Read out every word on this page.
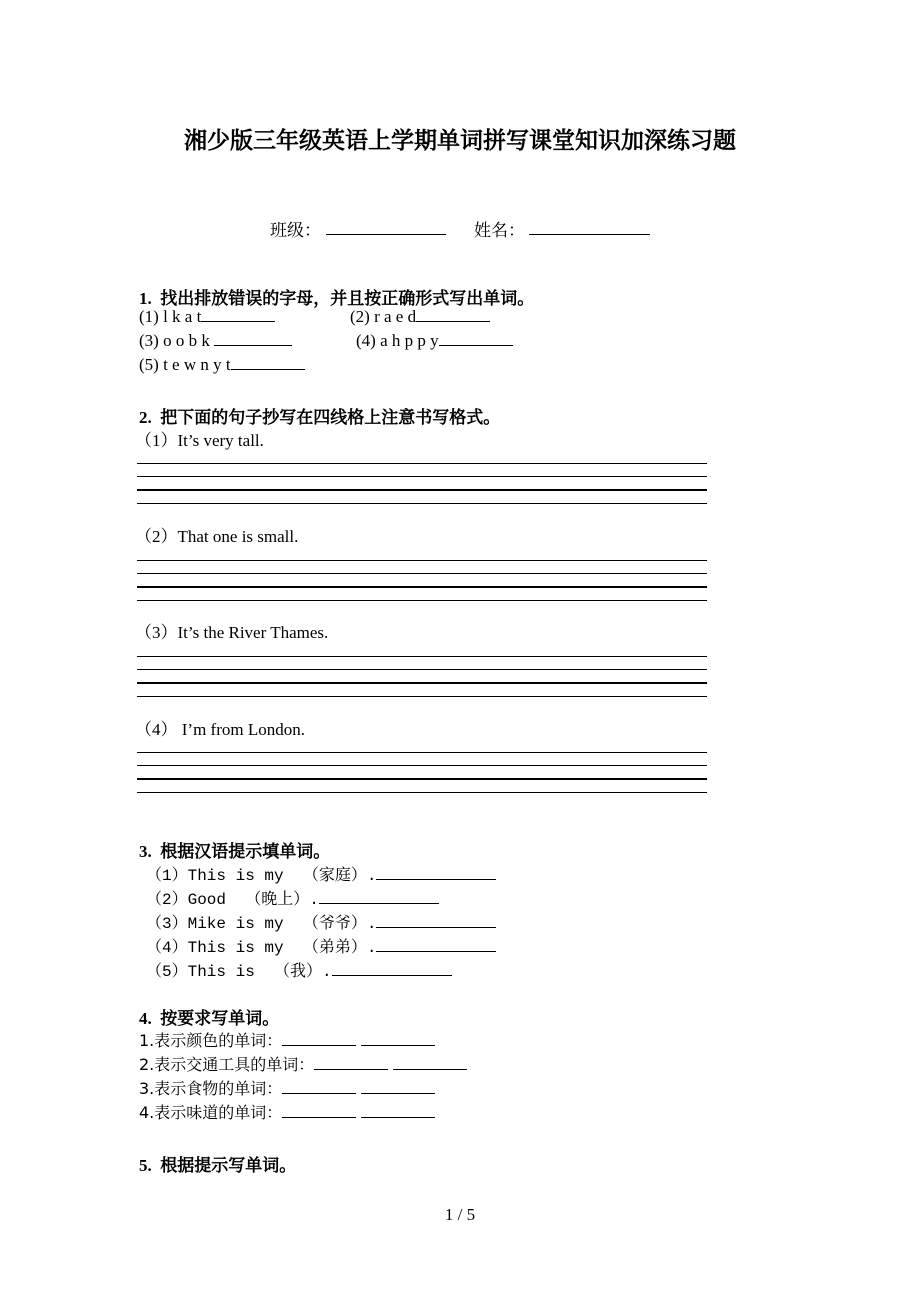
湘少版三年级英语上学期单词拼写课堂知识加深练习题
班级：	姓名：
1.  找出排放错误的字母，并且按正确形式写出单词。
(1) l k a t	(2) r a e d
(3) o o b k	(4) a h p p y
(5) t e w n y t
2.  把下面的句子抄写在四线格上注意书写格式。
（1）It’s very tall.
（2）That one is small.
（3）It’s the River Thames.
（4） I’m from London.
3.  根据汉语提示填单词。
（1）This is my  （家庭）.
（2）Good  （晚上）.
（3）Mike is my  （爷爷）.
（4）This is my  （弟弟）.
（5）This is  （我）.
4.  按要求写单词。
1.表示颜色的单词：
2.表示交通工具的单词：
3.表示食物的单词：
4.表示味道的单词：
5.  根据提示写单词。
1 / 5
